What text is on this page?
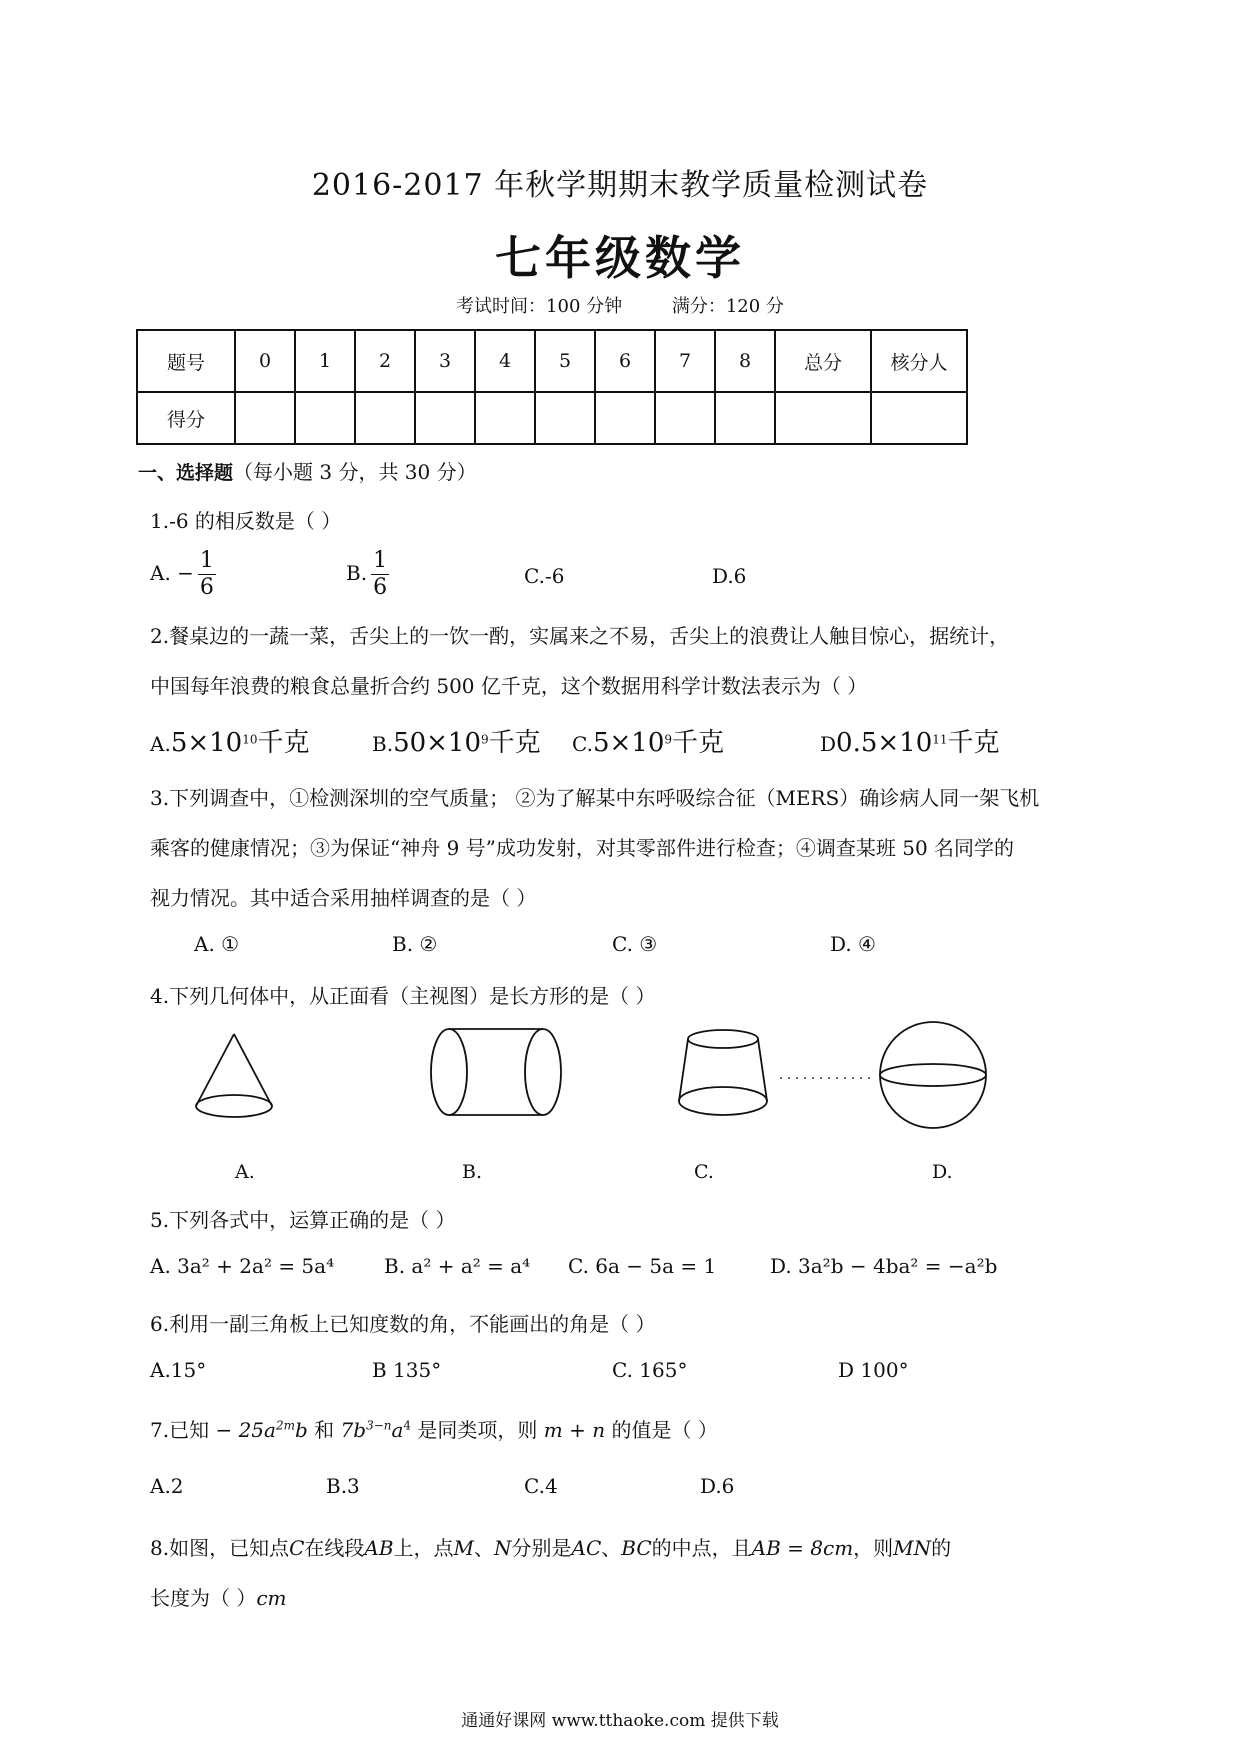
2016-2017 年秋学期期末教学质量检测试卷
七年级数学
考试时间：100 分钟	满分：120 分
题号	0	1	2	3	4	5	6	7	8	总分	核分人
得分											
一、选择题（每小题 3 分，共 30 分）
1.-6 的相反数是（ ）
A. − $\frac{1}{6}$	B. $\frac{1}{6}$	C.-6	D.6
2.餐桌边的一蔬一菜，舌尖上的一饮一酌，实属来之不易，舌尖上的浪费让人触目惊心，据统计，
中国每年浪费的粮食总量折合约 500 亿千克，这个数据用科学计数法表示为（ ）
$A.5\times 10^{10}$千克	$B.50\times 10^9$千克 $C.5\times 10^9$千克	$D0.5\times 10^{11}$千克
3.下列调查中，①检测深圳的空气质量； ②为了解某中东呼吸综合征（MERS）确诊病人同一架飞机
乘客的健康情况；③为保证“神舟 9 号”成功发射，对其零部件进行检查；④调查某班 50 名同学的
视力情况。其中适合采用抽样调查的是（ ）
A. ①	B. ②	C. ③	D. ④
4.下列几何体中，从正面看（主视图）是长方形的是（ ）
A.	B.	C.	D.
5.下列各式中，运算正确的是（ ）
A. 3a² + 2a² = 5a⁴ B. a² + a² = a⁴ C. 6a − 5a = 1	D. 3a²b − 4ba² = −a²b
6.利用一副三角板上已知度数的角，不能画出的角是（ ）
A.15°	B 135°	C. 165°	D 100°
7.已知 − $25a^{2m}b$ 和 $7b^{3-n}a^4$ 是同类项，则 m + n 的值是（ ）
A.2	B.3	C.4	D.6
8.如图，已知点C在线段AB上，点M、N分别是AC、BC的中点，且AB = 8cm，则MN的
长度为（ ）cm
通通好课网 www.tthaoke.com 提供下载
